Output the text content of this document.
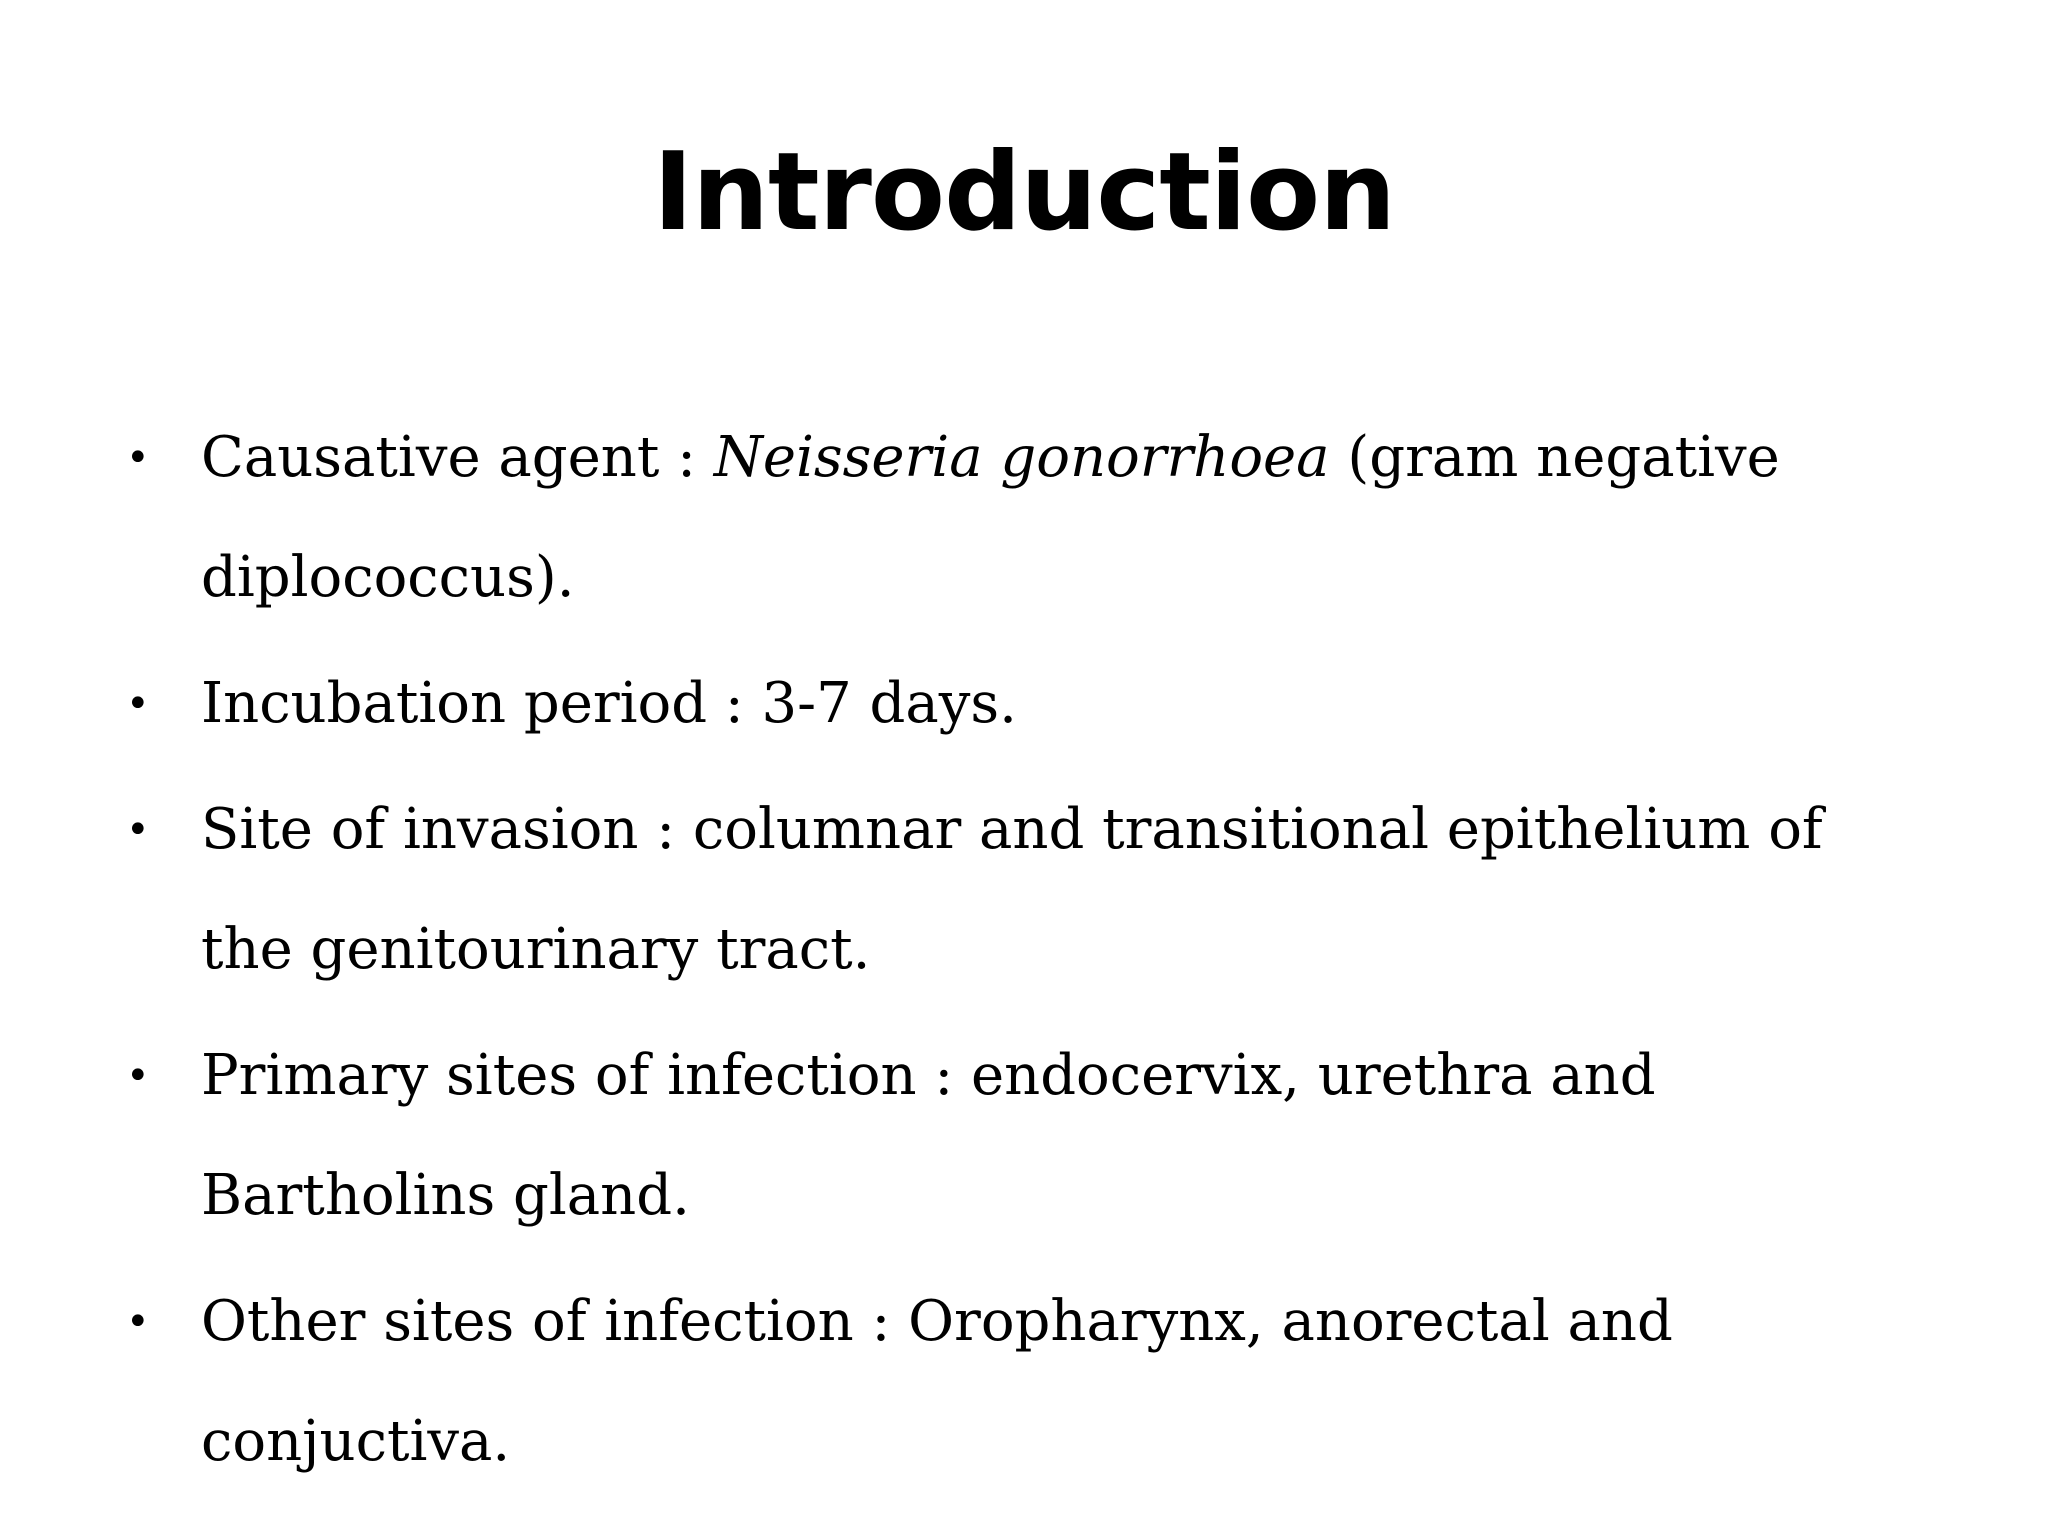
Introduction
• Causative agent : Neisseria gonorrhoea (gram negative diplococcus).
• Incubation period : 3-7 days.
• Site of invasion : columnar and transitional epithelium of the genitourinary tract.
• Primary sites of infection : endocervix, urethra and Bartholins gland.
• Other sites of infection : Oropharynx, anorectal and conjuctiva.
